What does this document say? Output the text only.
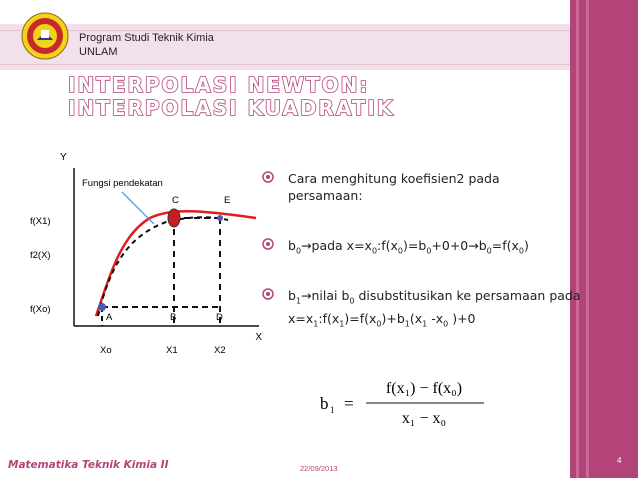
Program Studi Teknik Kimia
UNLAM
INTERPOLASI NEWTON:
INTERPOLASI KUADRATIK
Y
X
Fungsi pendekatan
f(X1)
f2(X)
f(Xo)
Xo	X1	X2
A	B	D
C	E
Cara menghitung koefisien2 pada persamaan:
$b_0\to pada$ $x=x_0:f(x_0)=b_0+0+0\to b_0=f(x_0)$
$b_1\to nilai$ $b_0$ disubstitusikan ke persamaan pada $x=x_1:f(x_1)=f(x_0)+b_1(x_1$ $-x_0$ )+0
b 1 =
f(x₁) − f(x₀)
x₁ − x₀
Matematika Teknik Kimia II	22/09/2013
4
